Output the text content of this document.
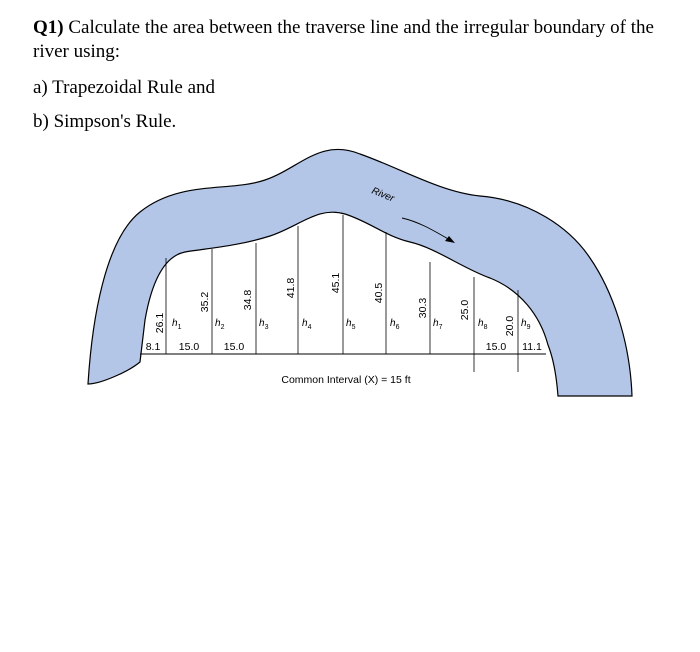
Q1) Calculate the area between the traverse line and the irregular boundary of the river using:
a) Trapezoidal Rule and
b) Simpson's Rule.
26.1
35.2	34.8
41.8	45.1	40.5
30.3	25.0
20.0
$h_1$	$h_2$	$h_3$	$h_4$	$h_5$	$h_6$	$h_7$	$h_8$	$h_9$
8.1 15.0 15.0	15.0 11.1
River
Common Interval (X) = 15 ft
